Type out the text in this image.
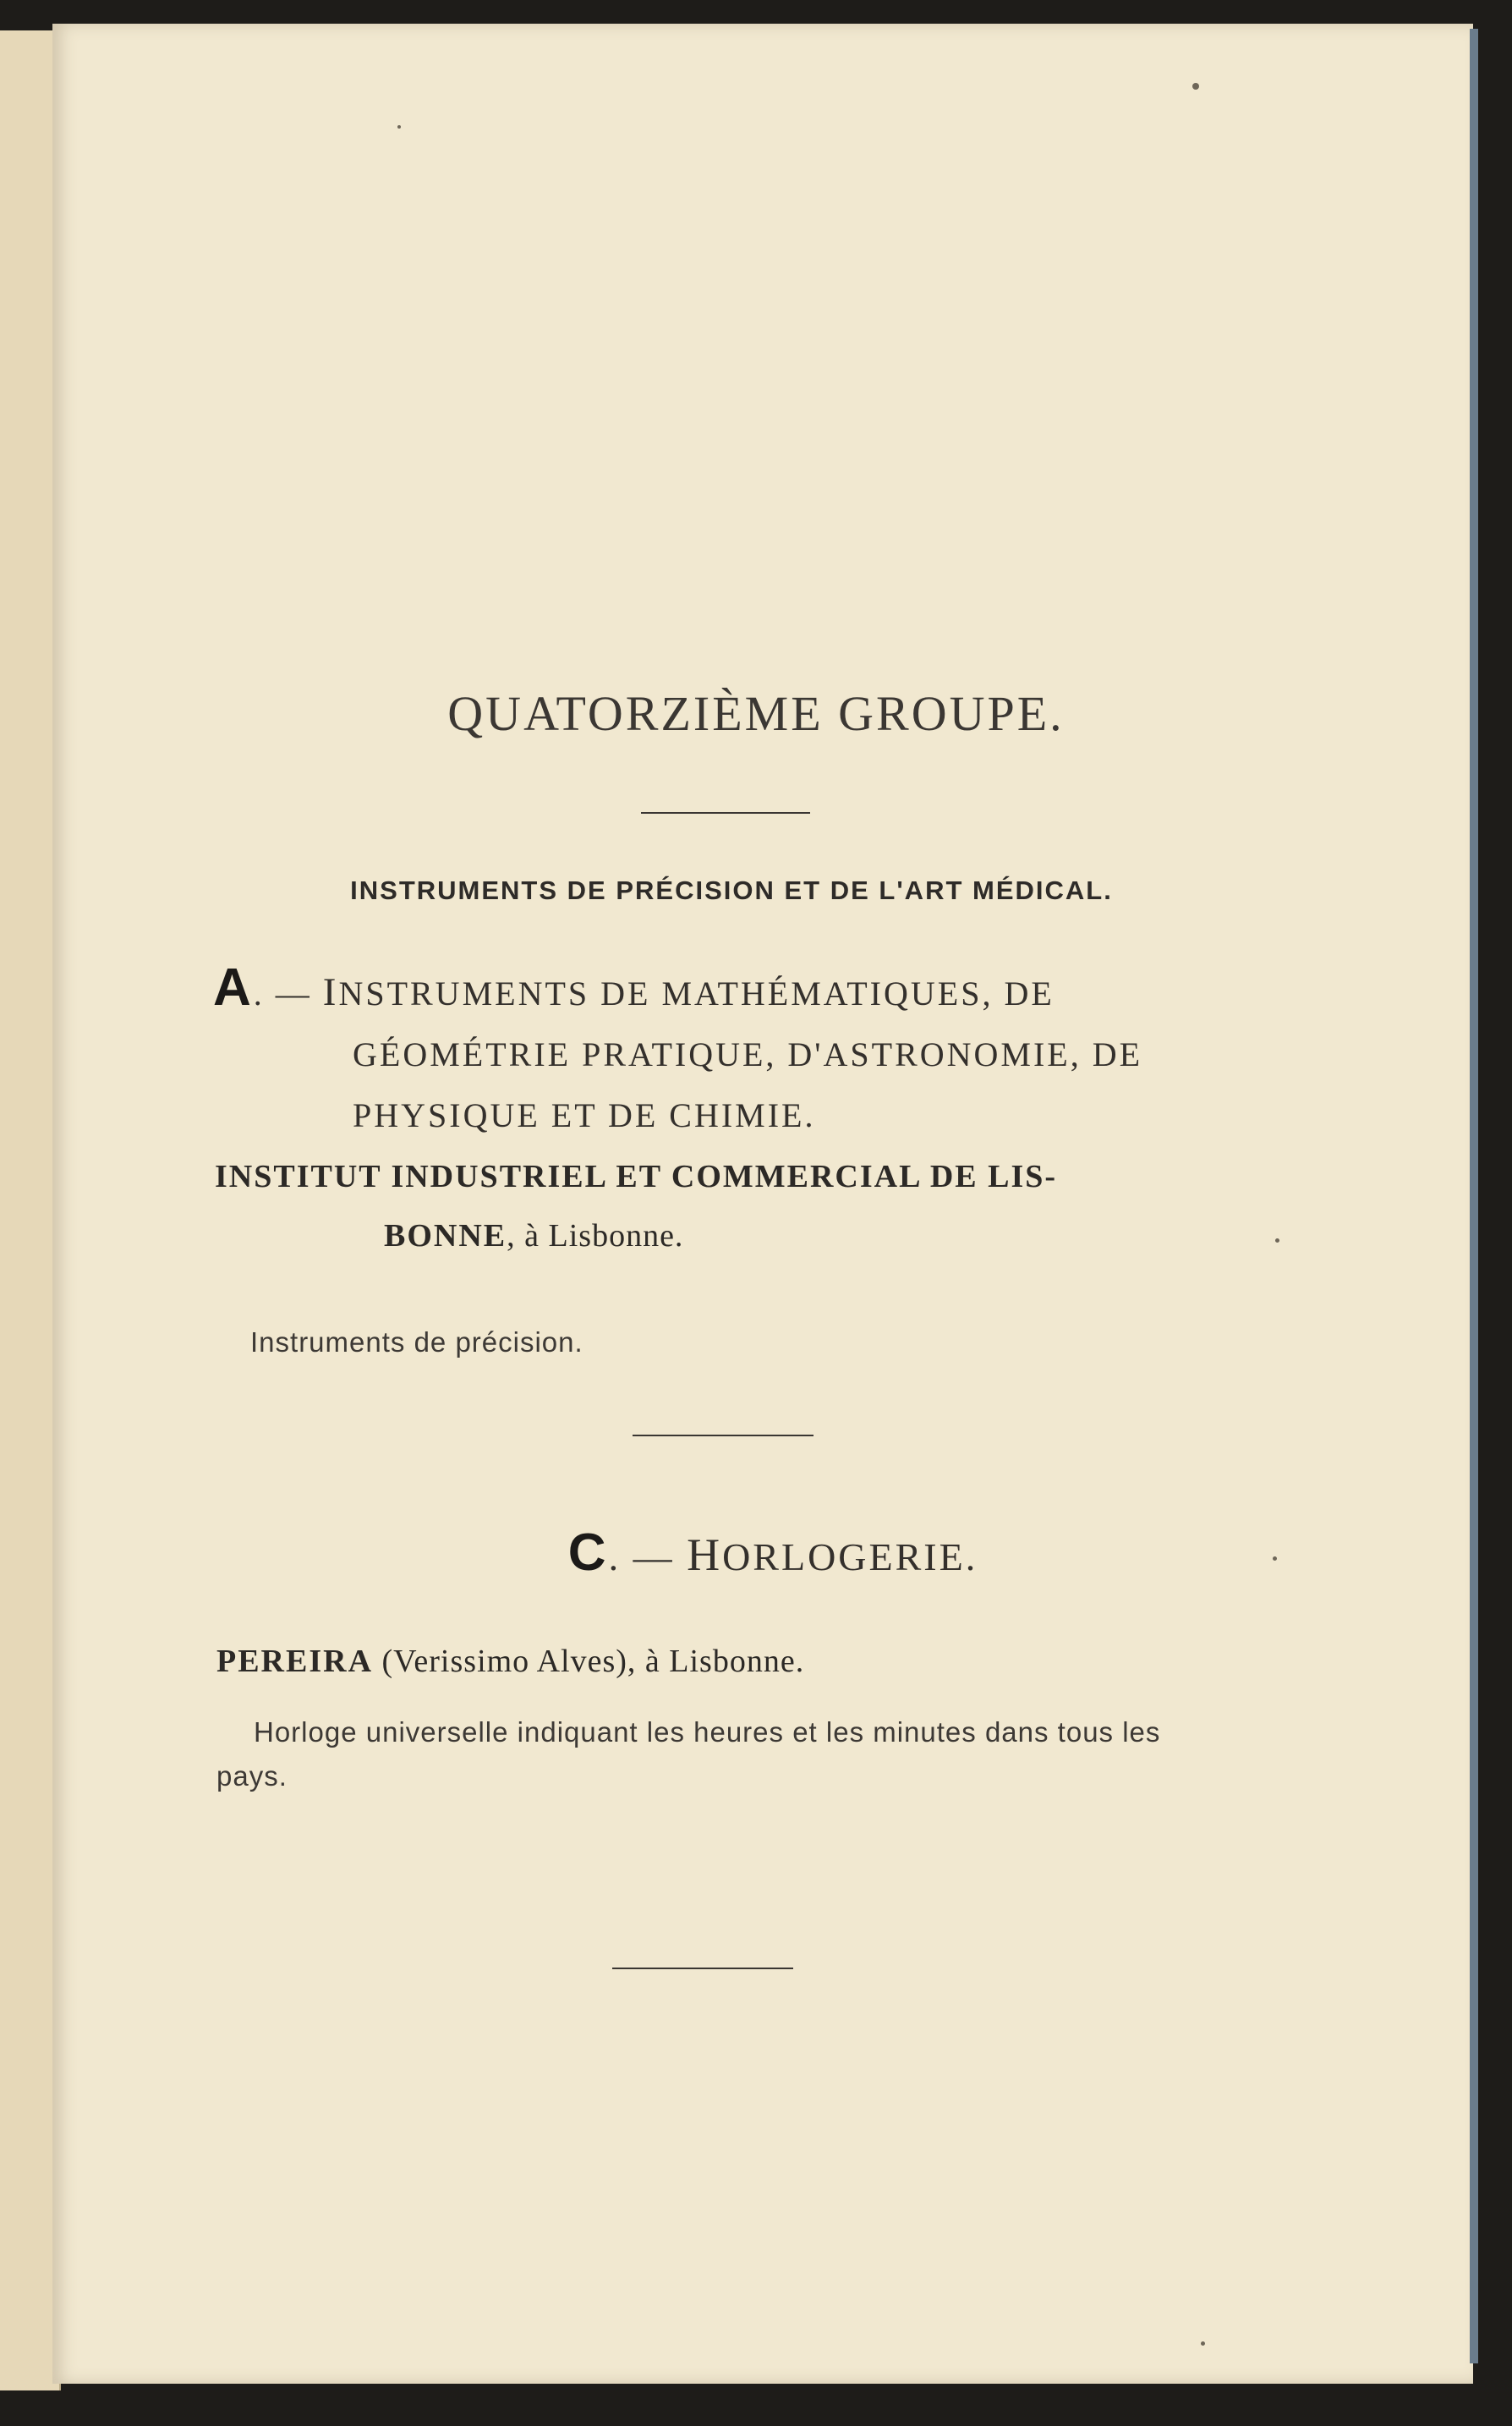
QUATORZIÈME GROUPE.
INSTRUMENTS DE PRÉCISION ET DE L'ART MÉDICAL.
A. — INSTRUMENTS DE MATHÉMATIQUES, DE
GÉOMÉTRIE PRATIQUE, D'ASTRONOMIE, DE
PHYSIQUE ET DE CHIMIE.
INSTITUT INDUSTRIEL ET COMMERCIAL DE LIS-
BONNE, à Lisbonne.
Instruments de précision.
C. — HORLOGERIE.
PEREIRA (Verissimo Alves), à Lisbonne.
Horloge universelle indiquant les heures et les minutes dans tous les pays.
